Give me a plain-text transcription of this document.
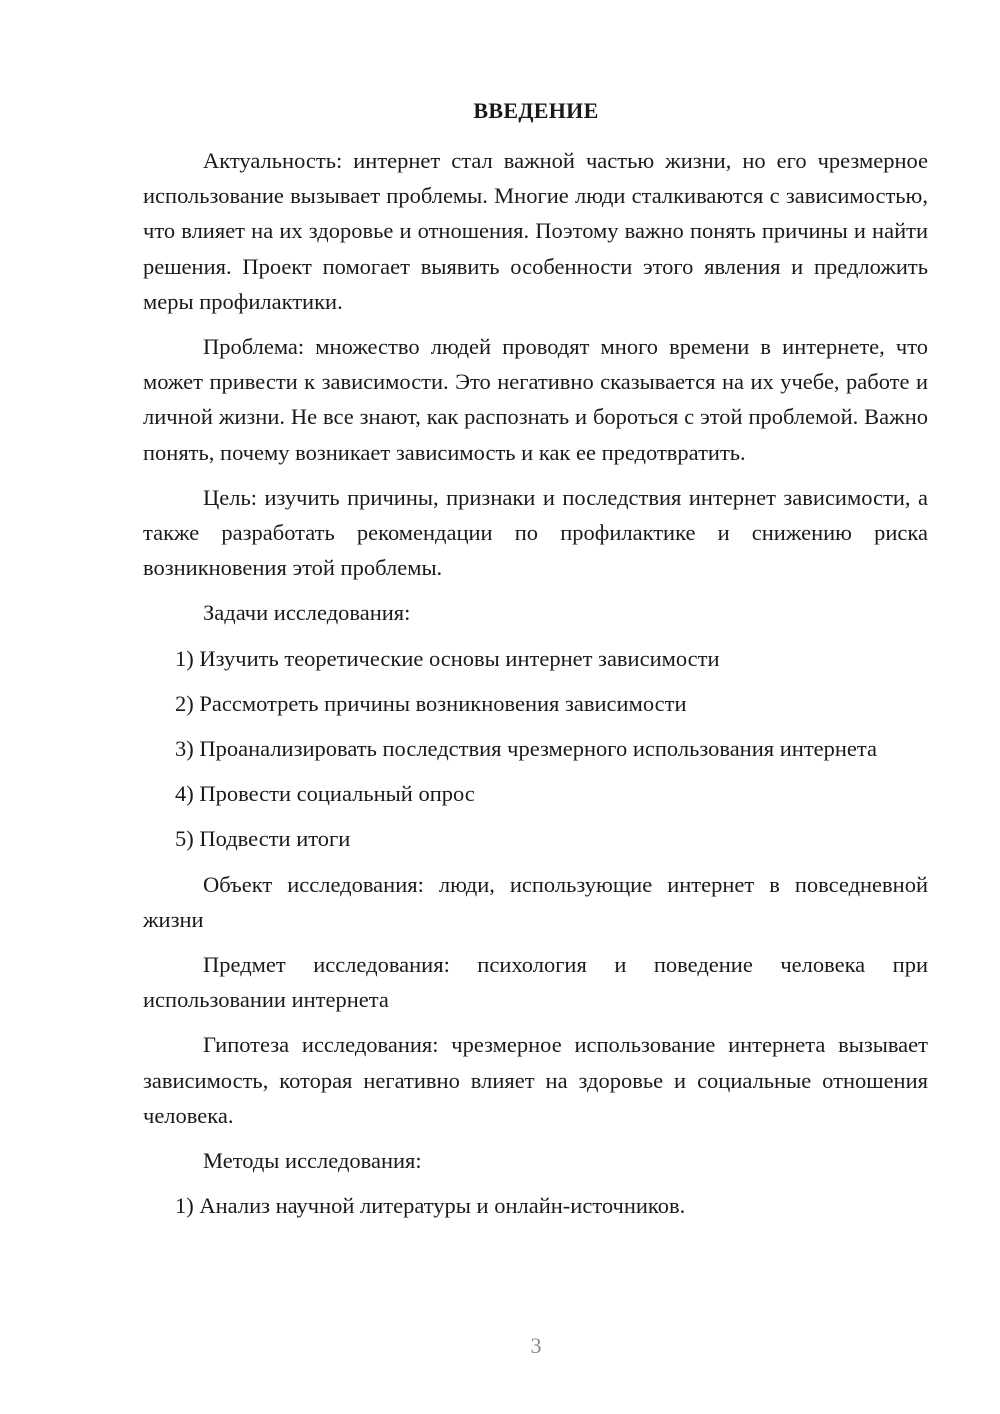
ВВЕДЕНИЕ

Актуальность: интернет стал важной частью жизни, но его чрезмерное использование вызывает проблемы. Многие люди сталкиваются с зависимостью, что влияет на их здоровье и отношения. Поэтому важно понять причины и найти решения. Проект помогает выявить особенности этого явления и предложить меры профилактики.

Проблема: множество людей проводят много времени в интернете, что может привести к зависимости. Это негативно сказывается на их учебе, работе и личной жизни. Не все знают, как распознать и бороться с этой проблемой. Важно понять, почему возникает зависимость и как ее предотвратить.

Цель: изучить причины, признаки и последствия интернет зависимости, а также разработать рекомендации по профилактике и снижению риска возникновения этой проблемы.

Задачи исследования:

1) Изучить теоретические основы интернет зависимости

2) Рассмотреть причины возникновения зависимости

3) Проанализировать последствия чрезмерного использования интернета

4) Провести социальный опрос

5) Подвести итоги

Объект исследования: люди, использующие интернет в повседневной жизни

Предмет исследования: психология и поведение человека при использовании интернета

Гипотеза исследования: чрезмерное использование интернета вызывает зависимость, которая негативно влияет на здоровье и социальные отношения человека.

Методы исследования:

1) Анализ научной литературы и онлайн-источников.

3
